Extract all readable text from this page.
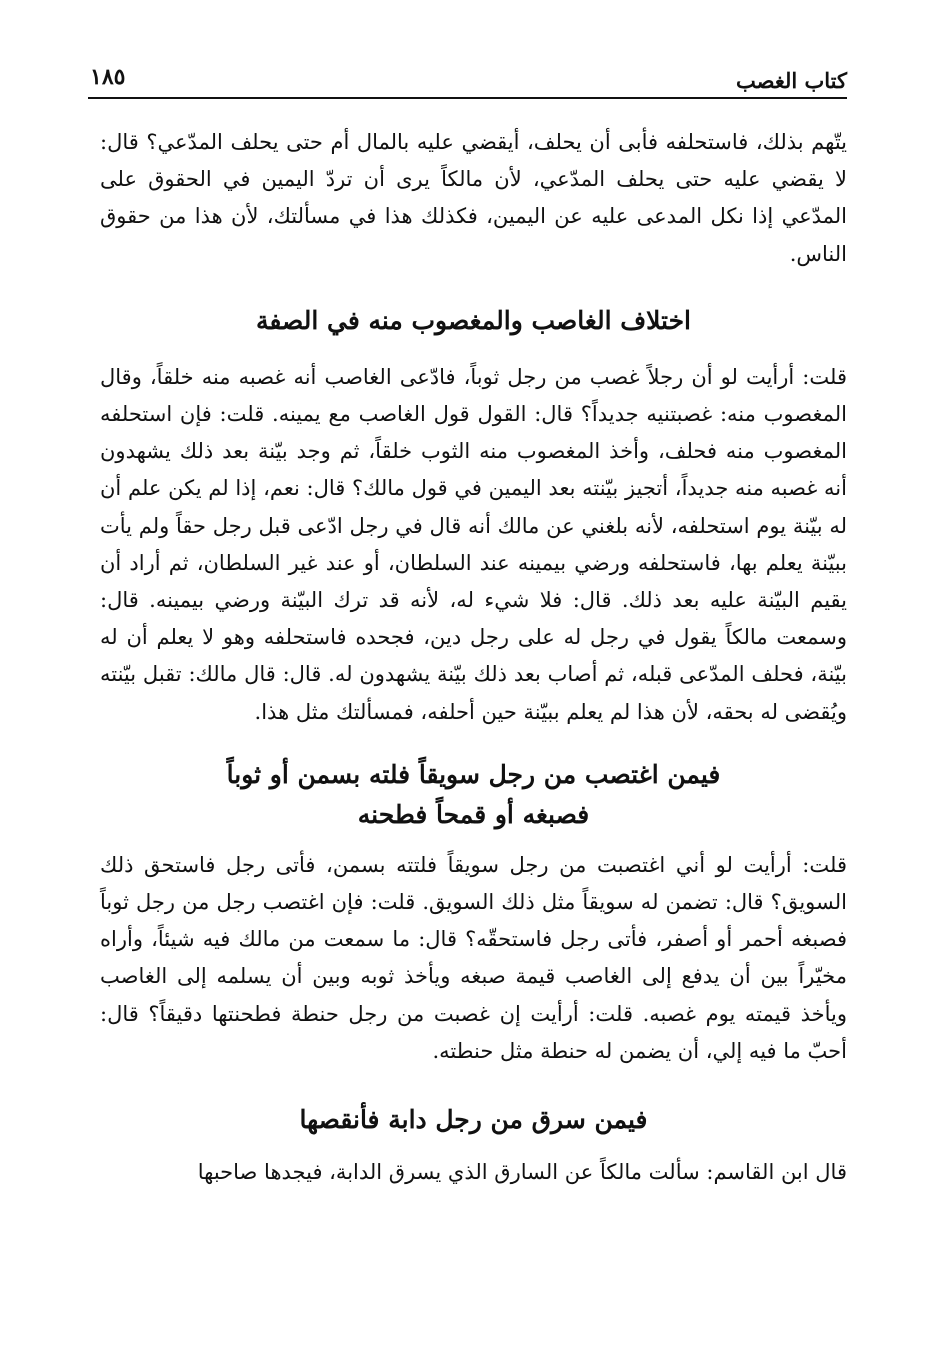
كتاب الغصب
١٨٥

يتّهم بذلك، فاستحلفه فأبى أن يحلف، أيقضي عليه بالمال أم حتى يحلف المدّعي؟ قال: لا يقضي عليه حتى يحلف المدّعي، لأن مالكاً يرى أن تردّ اليمين في الحقوق على المدّعي إذا نكل المدعى عليه عن اليمين، فكذلك هذا في مسألتك، لأن هذا من حقوق الناس.

اختلاف الغاصب والمغصوب منه في الصفة

قلت: أرأيت لو أن رجلاً غصب من رجل ثوباً، فادّعى الغاصب أنه غصبه منه خلقاً، وقال المغصوب منه: غصبتنيه جديداً؟ قال: القول قول الغاصب مع يمينه. قلت: فإن استحلفه المغصوب منه فحلف، وأخذ المغصوب منه الثوب خلقاً، ثم وجد بيّنة بعد ذلك يشهدون أنه غصبه منه جديداً، أتجيز بيّنته بعد اليمين في قول مالك؟ قال: نعم، إذا لم يكن علم أن له بيّنة يوم استحلفه، لأنه بلغني عن مالك أنه قال في رجل ادّعى قبل رجل حقاً ولم يأت ببيّنة يعلم بها، فاستحلفه ورضي بيمينه عند السلطان، أو عند غير السلطان، ثم أراد أن يقيم البيّنة عليه بعد ذلك. قال: فلا شيء له، لأنه قد ترك البيّنة ورضي بيمينه. قال: وسمعت مالكاً يقول في رجل له على رجل دين، فجحده فاستحلفه وهو لا يعلم أن له بيّنة، فحلف المدّعى قبله، ثم أصاب بعد ذلك بيّنة يشهدون له. قال: قال مالك: تقبل بيّنته ويُقضى له بحقه، لأن هذا لم يعلم ببيّنة حين أحلفه، فمسألتك مثل هذا.

فيمن اغتصب من رجل سويقاً فلته بسمن أو ثوباً
فصبغه أو قمحاً فطحنه

قلت: أرأيت لو أني اغتصبت من رجل سويقاً فلتته بسمن، فأتى رجل فاستحق ذلك السويق؟ قال: تضمن له سويقاً مثل ذلك السويق. قلت: فإن اغتصب رجل من رجل ثوباً فصبغه أحمر أو أصفر، فأتى رجل فاستحقّه؟ قال: ما سمعت من مالك فيه شيئاً، وأراه مخيّراً بين أن يدفع إلى الغاصب قيمة صبغه ويأخذ ثوبه وبين أن يسلمه إلى الغاصب ويأخذ قيمته يوم غصبه. قلت: أرأيت إن غصبت من رجل حنطة فطحنتها دقيقاً؟ قال: أحبّ ما فيه إلي، أن يضمن له حنطة مثل حنطته.

فيمن سرق من رجل دابة فأنقصها

قال ابن القاسم: سألت مالكاً عن السارق الذي يسرق الدابة، فيجدها صاحبها
